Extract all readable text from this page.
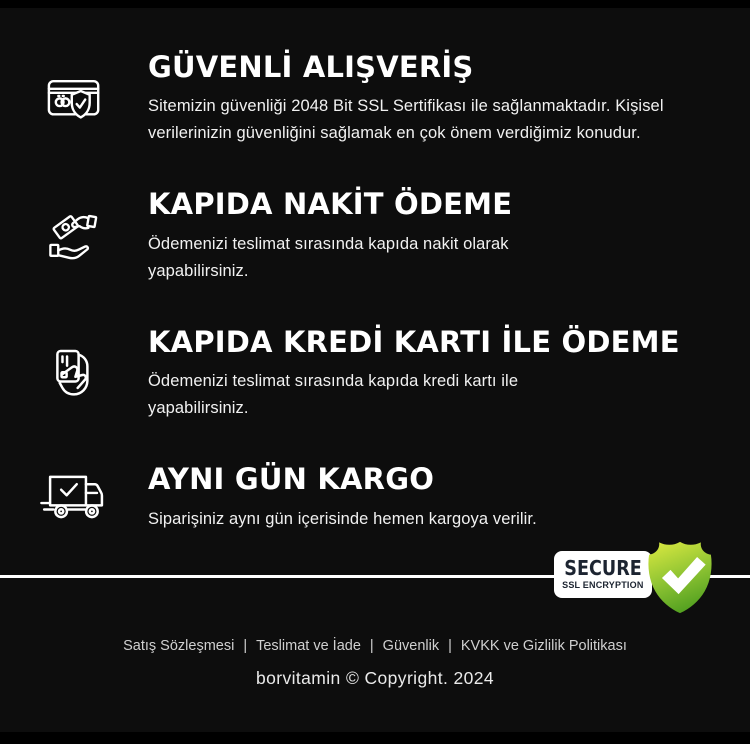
GÜVENLİ ALIŞVERİŞ

Sitemizin güvenliği 2048 Bit SSL Sertifikası ile sağlanmaktadır. Kişisel verilerinizin güvenliğini sağlamak en çok önem verdiğimiz konudur.

KAPIDA NAKİT ÖDEME

Ödemenizi teslimat sırasında kapıda nakit olarak yapabilirsiniz.

KAPIDA KREDİ KARTI İLE ÖDEME

Ödemenizi teslimat sırasında kapıda kredi kartı ile yapabilirsiniz.

AYNI GÜN KARGO

Siparişiniz aynı gün içerisinde hemen kargoya verilir.

SECURE
SSL ENCRYPTION
Satış Sözleşmesi | Teslimat ve İade | Güvenlik | KVKK ve Gizlilik Politikası
borvitamin © Copyright. 2024
